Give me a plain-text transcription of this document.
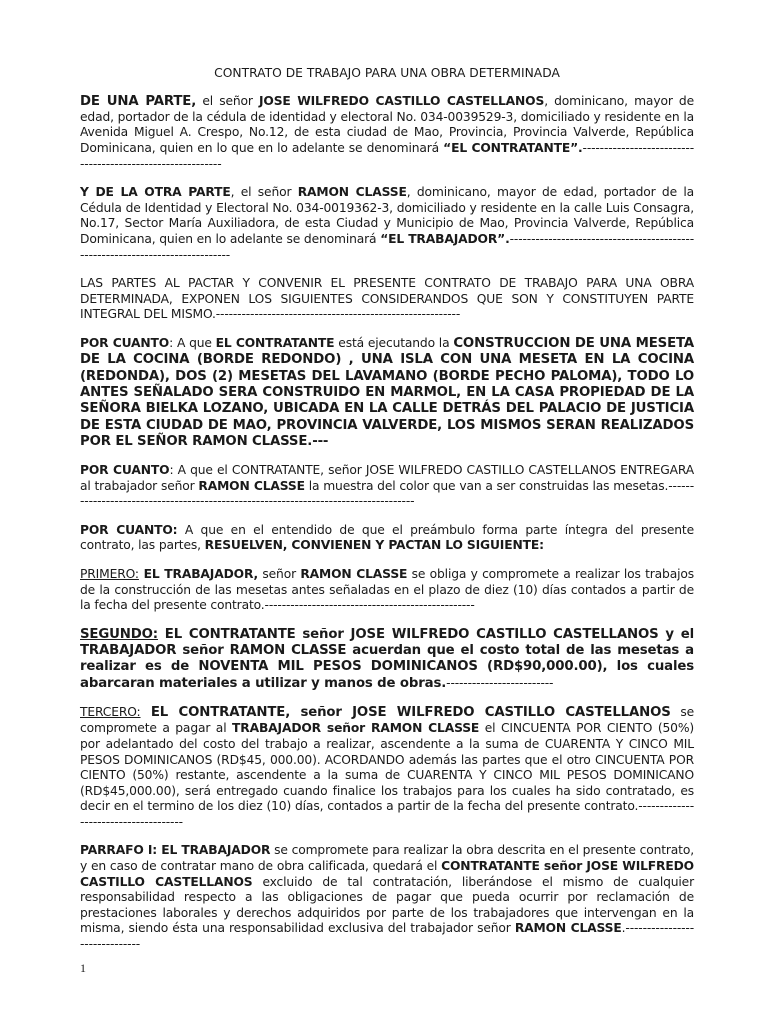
CONTRATO DE TRABAJO PARA UNA OBRA DETERMINADA

DE UNA PARTE, el señor JOSE WILFREDO CASTILLO CASTELLANOS, dominicano, mayor de edad, portador de la cédula de identidad y electoral No. 034-0039529-3, domiciliado y residente en la Avenida Miguel A. Crespo, No.12, de esta ciudad de Mao, Provincia, Provincia Valverde, República Dominicana, quien en lo que en lo adelante se denominará “EL CONTRATANTE”.-----------------------------------------------------------

Y DE LA OTRA PARTE, el señor RAMON CLASSE, dominicano, mayor de edad, portador de la Cédula de Identidad y Electoral No. 034-0019362-3, domiciliado y residente en la calle Luis Consagra, No.17, Sector María Auxiliadora, de esta Ciudad y Municipio de Mao, Provincia Valverde, República Dominicana, quien en lo adelante se denominará “EL TRABAJADOR”.------------------------------------------------------------------------------

LAS PARTES AL PACTAR Y CONVENIR EL PRESENTE CONTRATO DE TRABAJO PARA UNA OBRA DETERMINADA, EXPONEN LOS SIGUIENTES CONSIDERANDOS QUE SON Y CONSTITUYEN PARTE INTEGRAL DEL MISMO.---------------------------------------------------------

POR CUANTO: A que EL CONTRATANTE está ejecutando la CONSTRUCCION DE UNA MESETA DE LA COCINA (BORDE REDONDO) , UNA ISLA CON UNA MESETA EN LA COCINA (REDONDA), DOS (2) MESETAS DEL LAVAMANO (BORDE PECHO PALOMA), TODO LO ANTES SEÑALADO SERA CONSTRUIDO EN MARMOL, EN LA CASA PROPIEDAD DE LA SEÑORA BIELKA LOZANO, UBICADA EN LA CALLE DETRÁS DEL PALACIO DE JUSTICIA DE ESTA CIUDAD DE MAO, PROVINCIA VALVERDE, LOS MISMOS SERAN REALIZADOS POR EL SEÑOR RAMON CLASSE.---

POR CUANTO: A que el CONTRATANTE, señor JOSE WILFREDO CASTILLO CASTELLANOS ENTREGARA al trabajador señor RAMON CLASSE la muestra del color que van a ser construidas las mesetas.------------------------------------------------------------------------------------

POR CUANTO: A que en el entendido de que el preámbulo forma parte íntegra del presente contrato, las partes, RESUELVEN, CONVIENEN Y PACTAN LO SIGUIENTE:

PRIMERO: EL TRABAJADOR, señor RAMON CLASSE se obliga y compromete a realizar los trabajos de la construcción de las mesetas antes señaladas en el plazo de diez (10) días contados a partir de la fecha del presente contrato.-------------------------------------------------

SEGUNDO: EL CONTRATANTE señor JOSE WILFREDO CASTILLO CASTELLANOS y el TRABAJADOR señor RAMON CLASSE acuerdan que el costo total de las mesetas a realizar es de NOVENTA MIL PESOS DOMINICANOS (RD$90,000.00), los cuales abarcaran materiales a utilizar y manos de obras.-------------------------

TERCERO: EL CONTRATANTE, señor JOSE WILFREDO CASTILLO CASTELLANOS se compromete a pagar al TRABAJADOR señor RAMON CLASSE el CINCUENTA POR CIENTO (50%) por adelantado del costo del trabajo a realizar, ascendente a la suma de CUARENTA Y CINCO MIL PESOS DOMINICANOS (RD$45, 000.00). ACORDANDO además las partes que el otro CINCUENTA POR CIENTO (50%) restante, ascendente a la suma de CUARENTA Y CINCO MIL PESOS DOMINICANO (RD$45,000.00), será entregado cuando finalice los trabajos para los cuales ha sido contratado, es decir en el termino de los diez (10) días, contados a partir de la fecha del presente contrato.-------------------------------------

PARRAFO I: EL TRABAJADOR se compromete para realizar la obra descrita en el presente contrato, y en caso de contratar mano de obra calificada, quedará el CONTRATANTE señor JOSE WILFREDO CASTILLO CASTELLANOS excluido de tal contratación, liberándose el mismo de cualquier responsabilidad respecto a las obligaciones de pagar que pueda ocurrir por reclamación de prestaciones laborales y derechos adquiridos por parte de los trabajadores que intervengan en la misma, siendo ésta una responsabilidad exclusiva del trabajador señor RAMON CLASSE.------------------------------

1
